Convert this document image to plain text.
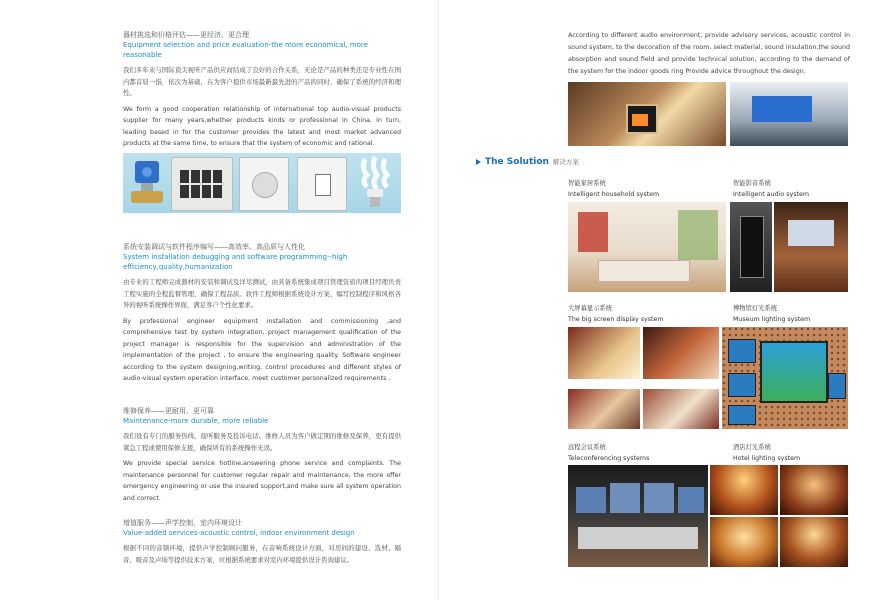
器材挑选和价格评估——更经济、更合理
Equipment selection and price evaluation-the more economical, more reasonable

我们多年来与国际顶尖视听产品供应商结成了良好的合作关系，无论是产品的种类还是专业性在国内都首屈一指，依次为基础，在为客户提供市场最新最先进的产品的同时，确保了系统的经济和理性。

We form a good cooperation relationship of international top audio-visual products supplier for many years,whether products kinds or professional in China, in turn, leading based in for the customer provides the latest and most market advanced products at the same time, to ensure that the system of economic and rational.

系统安装调试与软件程序编写——高效率、高品质与人性化
System installation debugging and software programming--high efficiency,quality,humanization

由专业的工程师完成器材的安装和调试及详尽测试，由具备系统集成项目管理资质的项目经理负责工程实施的全程监督管理，确保工程品质。软件工程师根据系统设计方案，编写控制程序和风格各异的视听系统操作界面，满足客户个性化要求。

By professional engineer equipment installation and commissioning ,and comprehensive test by system integration, project management qualification of the project manager is responsible for the supervision and administration of the implementation of the project , to ensure the engineering quality. Software engineer according to the system designing,writing, control procedures and different styles of audio-visual system operation interface, meet customer personalized requirements .

维修保养——更耐用、更可靠
Maintenance-more durable, more reliable

我们设有专门的服务热线、接听服务及投诉电话。维修人员为客户做定期的维修及保养，更有提供紧急工程或使用保修支援，确保所有的系统操作无误。

We provide special service hotline,answering phone service and complaints. The maintenance personnel for customer regular repair and maintenance, the more offer emergency engineering or use the insured support,and make sure all system operation and correct.

增值服务——声学控制，室内环境设计
Value-added services-acoustic control, indoor environment design

根据不同的音频环境，提供声学控制顾问服务，在音响系统设计方面，对房间的建设、选材、隔音、吸音及声场等提供技术方案，竝根据系统要求对室内环境提供设计咨询建议。

According to different audio environment, provide advisory services, acoustic control in sound system, to the decoration of the room, select material, sound insulation,the sound absorption and sound field and provide technical solution, according to the demand of the system for the indoor goods ring Provide advice throughout the design.
The Solution 解决方案
智能家居系统
Intelligent household system
智能影音系统
Intelligent audio system
大屏幕显示系统
The big screen display system
博物馆灯光系统
Museum lighting system
远程会议系统
Teleconferencing systems
酒店灯光系统
Hotel lighting system
